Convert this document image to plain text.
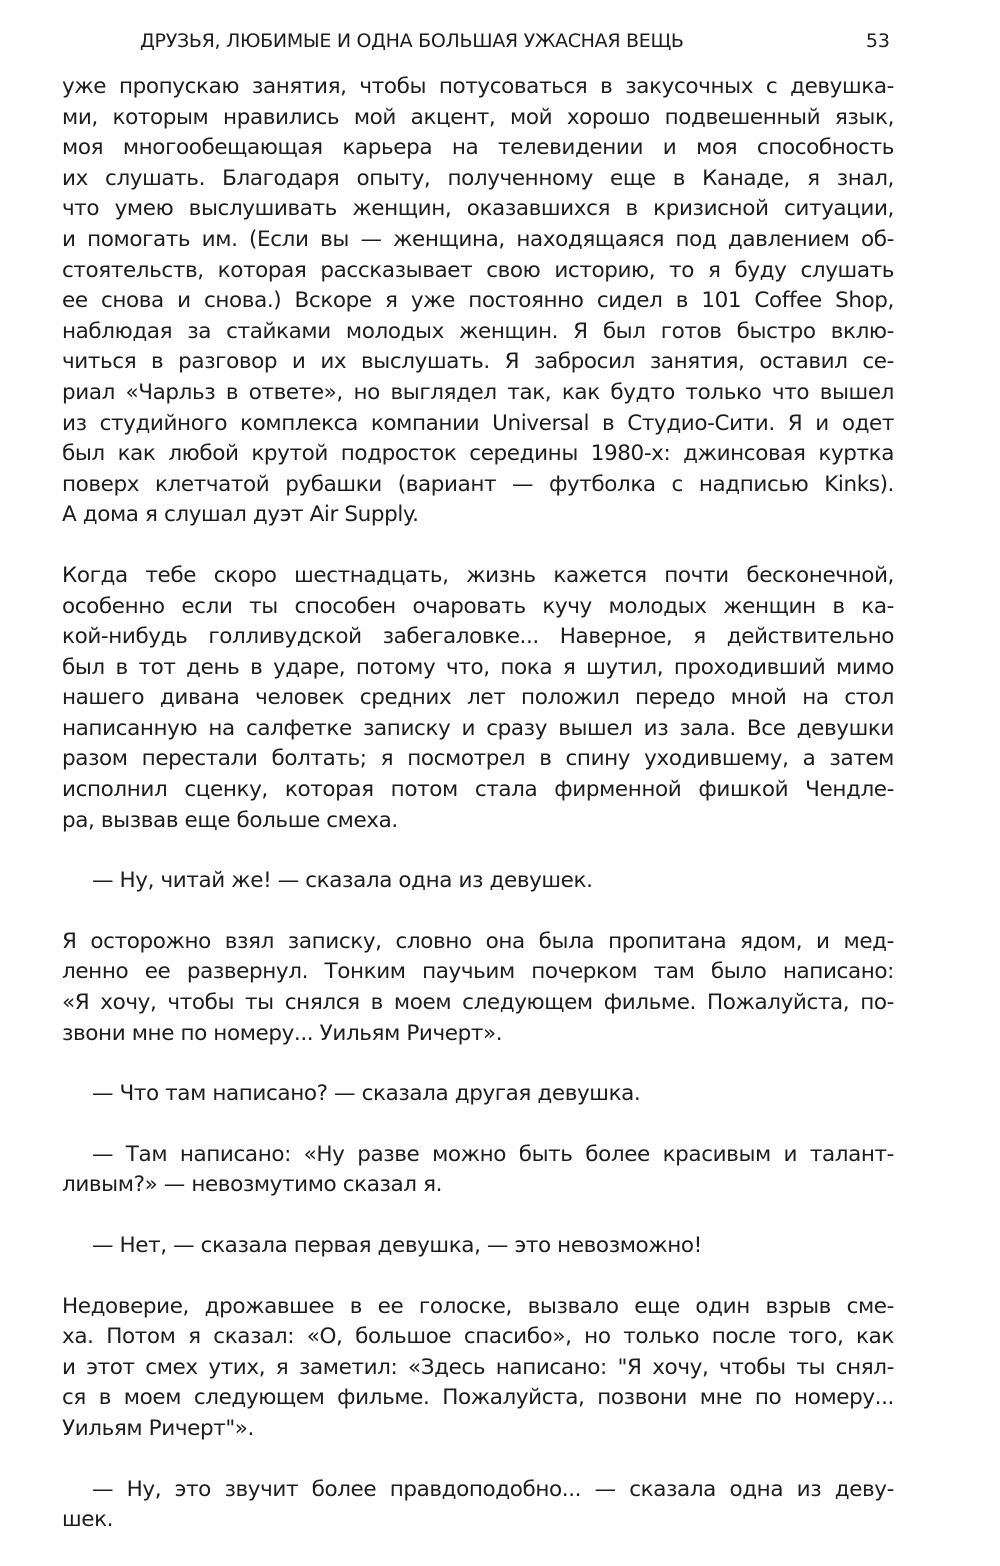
ДРУЗЬЯ, ЛЮБИМЫЕ И ОДНА БОЛЬШАЯ УЖАСНАЯ ВЕЩЬ	53
уже пропускаю занятия, чтобы потусоваться в закусочных с девушка-
ми, которым нравились мой акцент, мой хорошо подвешенный язык,
моя многообещающая карьера на телевидении и моя способность
их слушать. Благодаря опыту, полученному еще в Канаде, я знал,
что умею выслушивать женщин, оказавшихся в кризисной ситуации,
и помогать им. (Если вы — женщина, находящаяся под давлением об-
стоятельств, которая рассказывает свою историю, то я буду слушать
ее снова и снова.) Вскоре я уже постоянно сидел в 101 Coffee Shop,
наблюдая за стайками молодых женщин. Я был готов быстро вклю-
читься в разговор и их выслушать. Я забросил занятия, оставил се-
риал «Чарльз в ответе», но выглядел так, как будто только что вышел
из студийного комплекса компании Universal в Студио-Сити. Я и одет
был как любой крутой подросток середины 1980-х: джинсовая куртка
поверх клетчатой рубашки (вариант — футболка с надписью Kinks).
А дома я слушал дуэт Air Supply.
Когда тебе скоро шестнадцать, жизнь кажется почти бесконечной,
особенно если ты способен очаровать кучу молодых женщин в ка-
кой-нибудь голливудской забегаловке... Наверное, я действительно
был в тот день в ударе, потому что, пока я шутил, проходивший мимо
нашего дивана человек средних лет положил передо мной на стол
написанную на салфетке записку и сразу вышел из зала. Все девушки
разом перестали болтать; я посмотрел в спину уходившему, а затем
исполнил сценку, которая потом стала фирменной фишкой Чендле-
ра, вызвав еще больше смеха.
— Ну, читай же! — сказала одна из девушек.
Я осторожно взял записку, словно она была пропитана ядом, и мед-
ленно ее развернул. Тонким паучьим почерком там было написано:
«Я хочу, чтобы ты снялся в моем следующем фильме. Пожалуйста, по-
звони мне по номеру... Уильям Ричерт».
— Что там написано? — сказала другая девушка.
— Там написано: «Ну разве можно быть более красивым и талант-
ливым?» — невозмутимо сказал я.
— Нет, — сказала первая девушка, — это невозможно!
Недоверие, дрожавшее в ее голоске, вызвало еще один взрыв сме-
ха. Потом я сказал: «О, большое спасибо», но только после того, как
и этот смех утих, я заметил: «Здесь написано: "Я хочу, чтобы ты снял-
ся в моем следующем фильме. Пожалуйста, позвони мне по номеру...
Уильям Ричерт"».
— Ну, это звучит более правдоподобно... — сказала одна из деву-
шек.
